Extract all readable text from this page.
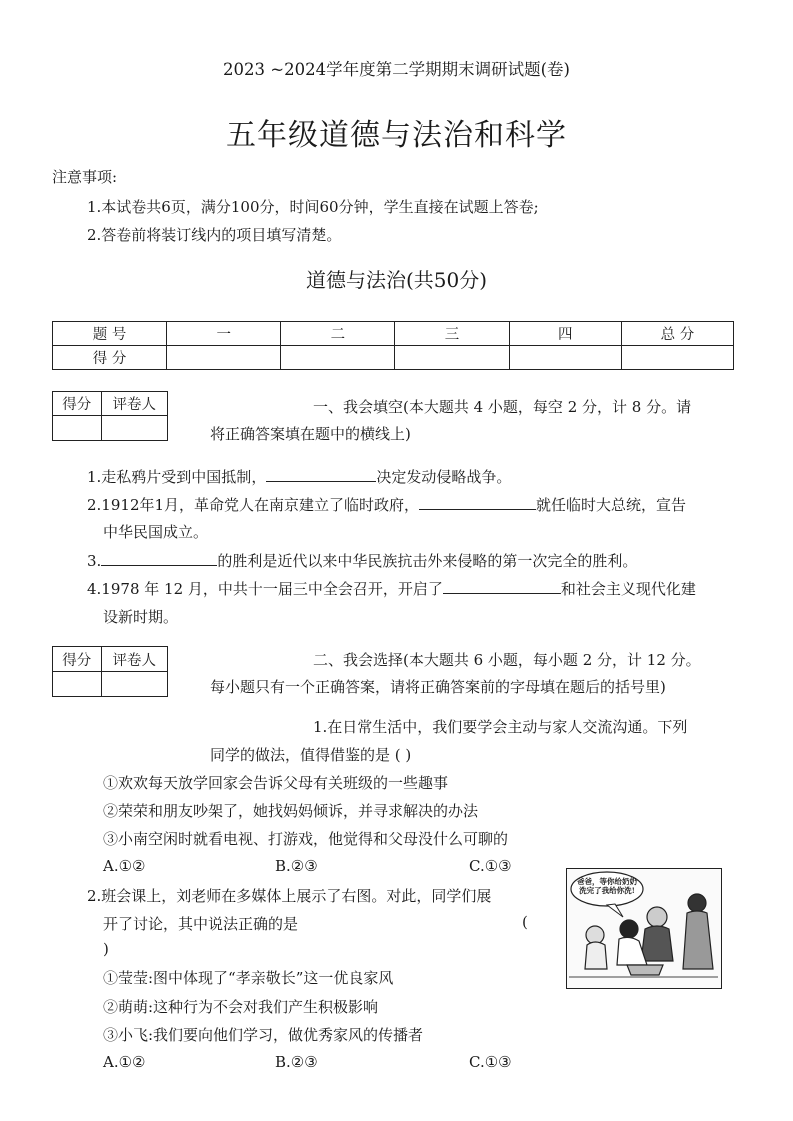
2023 ~2024学年度第二学期期末调研试题(卷)
五年级道德与法治和科学
注意事项:
1.本试卷共6页，满分100分，时间60分钟，学生直接在试题上答卷;
2.答卷前将装订线内的项目填写清楚。
道德与法治(共50分)
题 号	一	二	三	四	总 分
得 分					
得分	评卷人
		一、我会填空(本大题共 4 小题，每空 2 分，计 8 分。请
将正确答案填在题中的横线上)
1.走私鸦片受到中国抵制，	决定发动侵略战争。
2.1912年1月，革命党人在南京建立了临时政府，	就任临时大总统，宣告
中华民国成立。
3.	的胜利是近代以来中华民族抗击外来侵略的第一次完全的胜利。
4.1978 年 12 月，中共十一届三中全会召开，开启了	和社会主义现代化建
设新时期。
得分	评卷人
		二、我会选择(本大题共 6 小题，每小题 2 分，计 12 分。
每小题只有一个正确答案，请将正确答案前的字母填在题后的括号里)
1.在日常生活中，我们要学会主动与家人交流沟通。下列
同学的做法，值得借鉴的是 ( )
①欢欢每天放学回家会告诉父母有关班级的一些趣事
②荣荣和朋友吵架了，她找妈妈倾诉，并寻求解决的办法
③小南空闲时就看电视、打游戏，他觉得和父母没什么可聊的
A.①②	B.②③	C.①③
2.班会课上，刘老师在多媒体上展示了右图。对此，同学们展
开了讨论，其中说法正确的是	(
)
①莹莹:图中体现了“孝亲敬长”这一优良家风
②萌萌:这种行为不会对我们产生积极影响
③小飞:我们要向他们学习，做优秀家风的传播者
A.①②	B.②③	C.①③
爸爸，等你给奶奶洗完了我给你洗!
